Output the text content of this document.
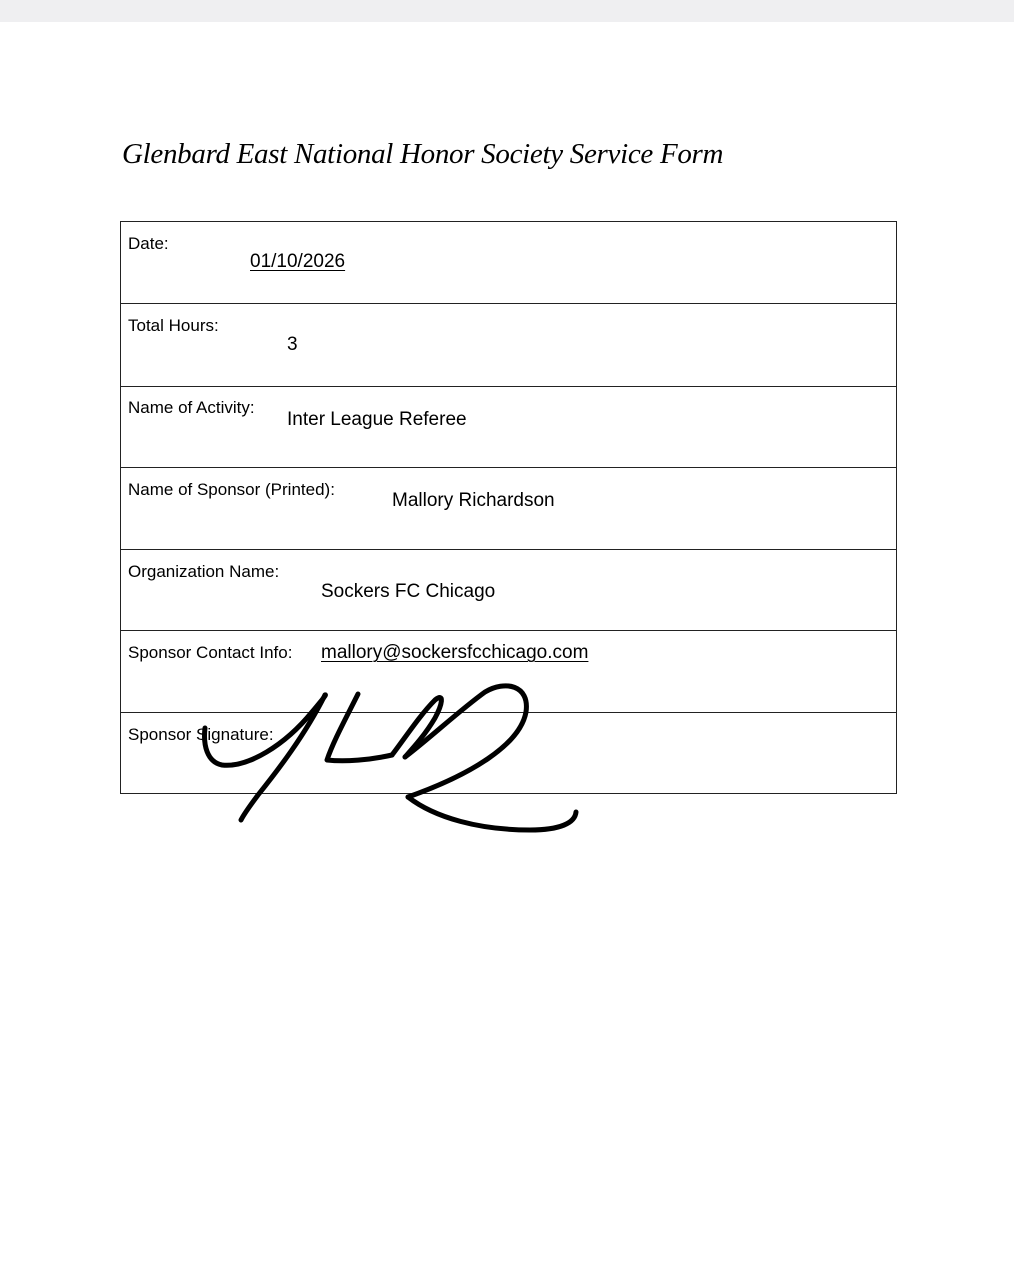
Glenbard East National Honor Society Service Form
Date:
01/10/2026
Total Hours:
3
Name of Activity:
Inter League Referee
Name of Sponsor (Printed):
Mallory Richardson
Organization Name:
Sockers FC Chicago
Sponsor Contact Info: mallory@sockersfcchicago.com
Sponsor Signature:
